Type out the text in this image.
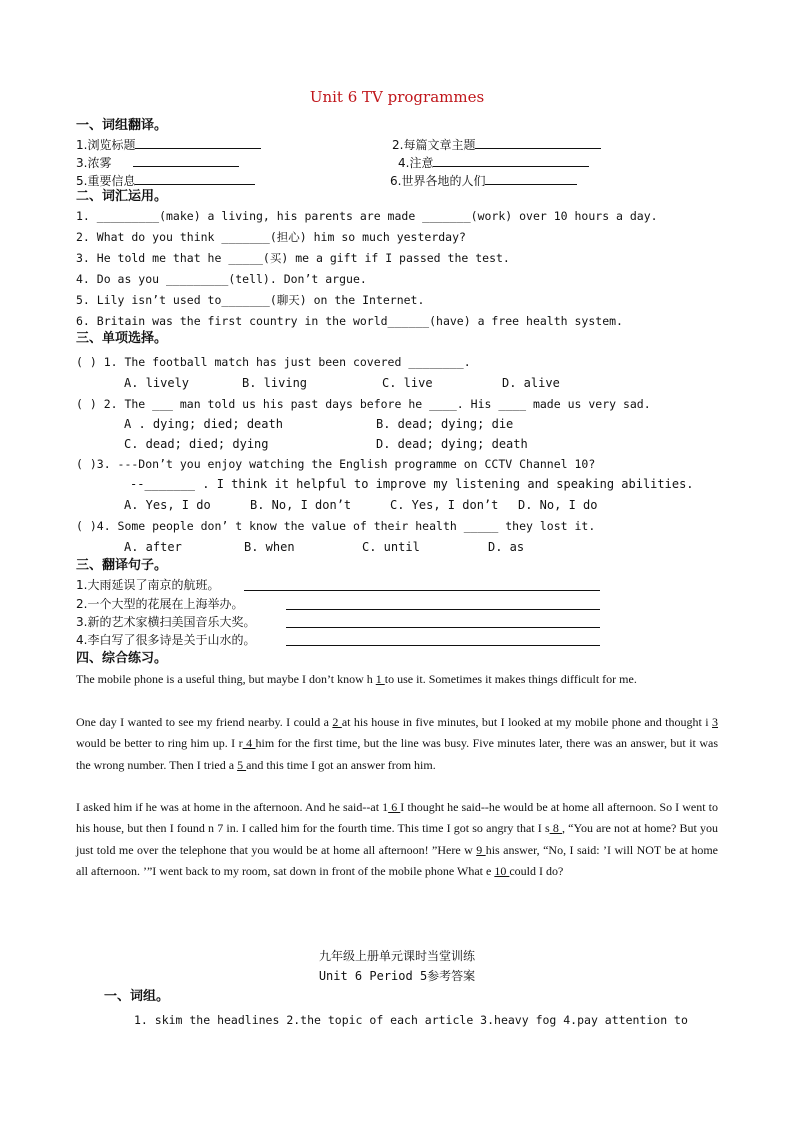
Unit 6 TV programmes
一、词组翻译。
1.浏览标题	2.每篇文章主题
3.浓雾	4.注意
5.重要信息	6.世界各地的人们
二、词汇运用。
1. _________(make) a living, his parents are made _______(work) over 10 hours a day.
2. What do you think _______(担心) him so much yesterday?
3. He told me that he _____(买) me a gift if I passed the test.
4. Do as you _________(tell). Don’t argue.
5. Lily isn’t used to_______(聊天) on the Internet.
6. Britain was the first country in the world______(have) a free health system.
三、单项选择。
( ) 1. The football match has just been covered ________.
A. lively	B. living	C. live	D. alive
( ) 2. The ___ man told us his past days before he ____. His ____ made us very sad.
A . dying; died; death	B. dead; dying; die
C. dead; died; dying	D. dead; dying; death
( )3. ---Don’t you enjoy watching the English programme on CCTV Channel 10?
--_______ . I think it helpful to improve my listening and speaking abilities.
A. Yes, I do	B. No, I don’t	C. Yes, I don’t D. No, I do
( )4. Some people don’ t know the value of their health _____ they lost it.
A. after	B. when	C. until	D. as
三、翻译句子。
1.大雨延误了南京的航班。
2.一个大型的花展在上海举办。
3.新的艺术家横扫美国音乐大奖。
4.李白写了很多诗是关于山水的。
四、综合练习。
The mobile phone is a useful thing, but maybe I don’t know h 1 to use it. Sometimes it makes things difficult for me.
One day I wanted to see my friend nearby. I could a 2 at his house in five minutes, but I looked at my mobile phone and thought i 3 would be better to ring him up. I r 4 him for the first time, but the line was busy. Five minutes later, there was an answer, but it was the wrong number. Then I tried a 5 and this time I got an answer from him.
I asked him if he was at home in the afternoon. And he said--at 1 6 I thought he said--he would be at home all afternoon. So I went to his house, but then I found n 7 in. I called him for the fourth time. This time I got so angry that I s 8 , “You are not at home? But you just told me over the telephone that you would be at home all afternoon! ”Here w 9 his answer, “No, I said: ’I will NOT be at home all afternoon. ’”I went back to my room, sat down in front of the mobile phone What e 10 could I do?
九年级上册单元课时当堂训练
Unit 6 Period 5参考答案
一、词组。
1. skim the headlines 2.the topic of each article 3.heavy fog 4.pay attention to
